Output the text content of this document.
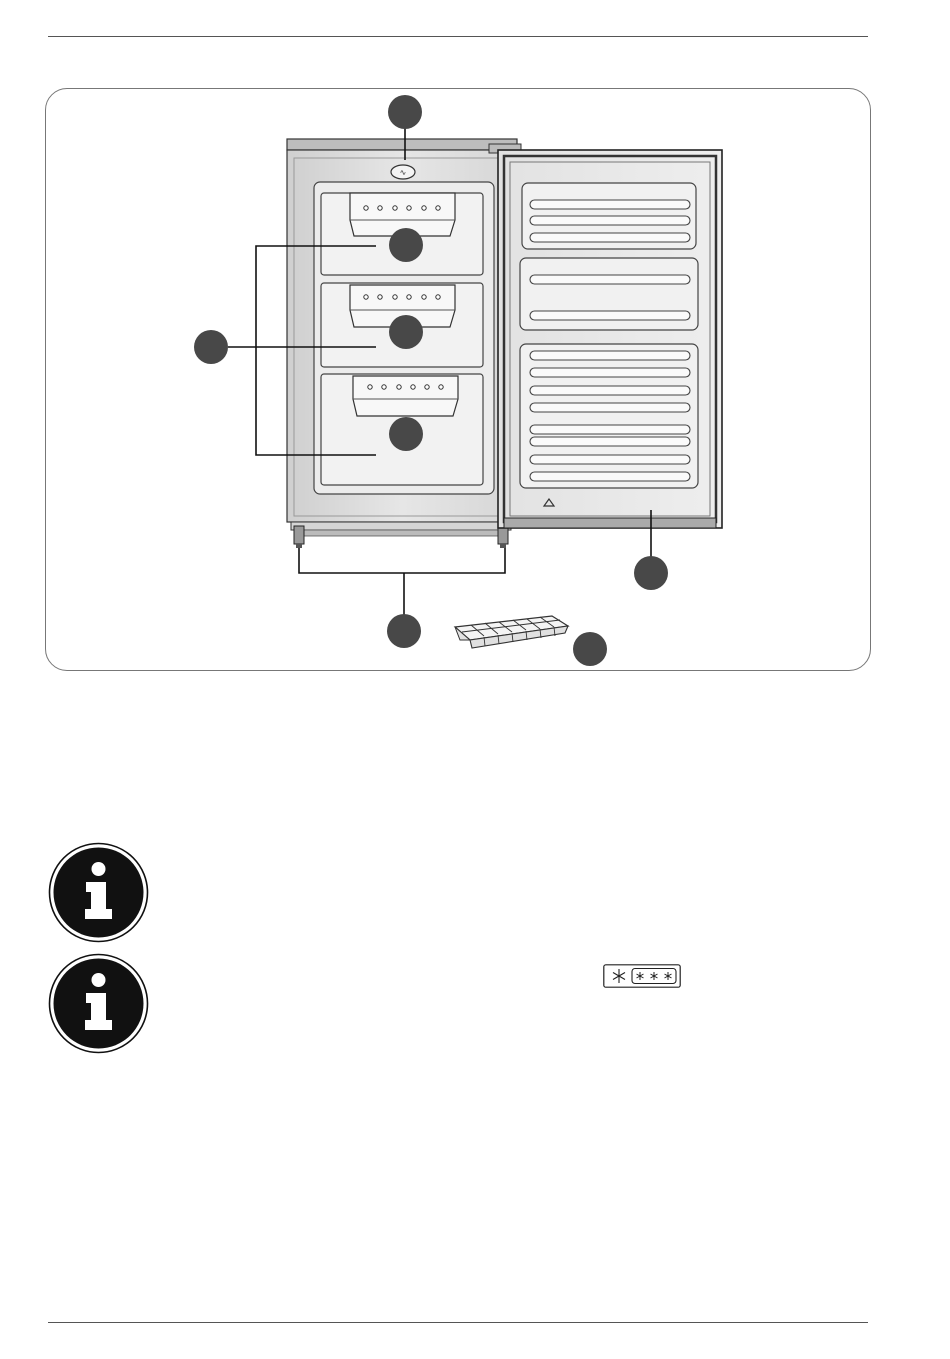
∿
